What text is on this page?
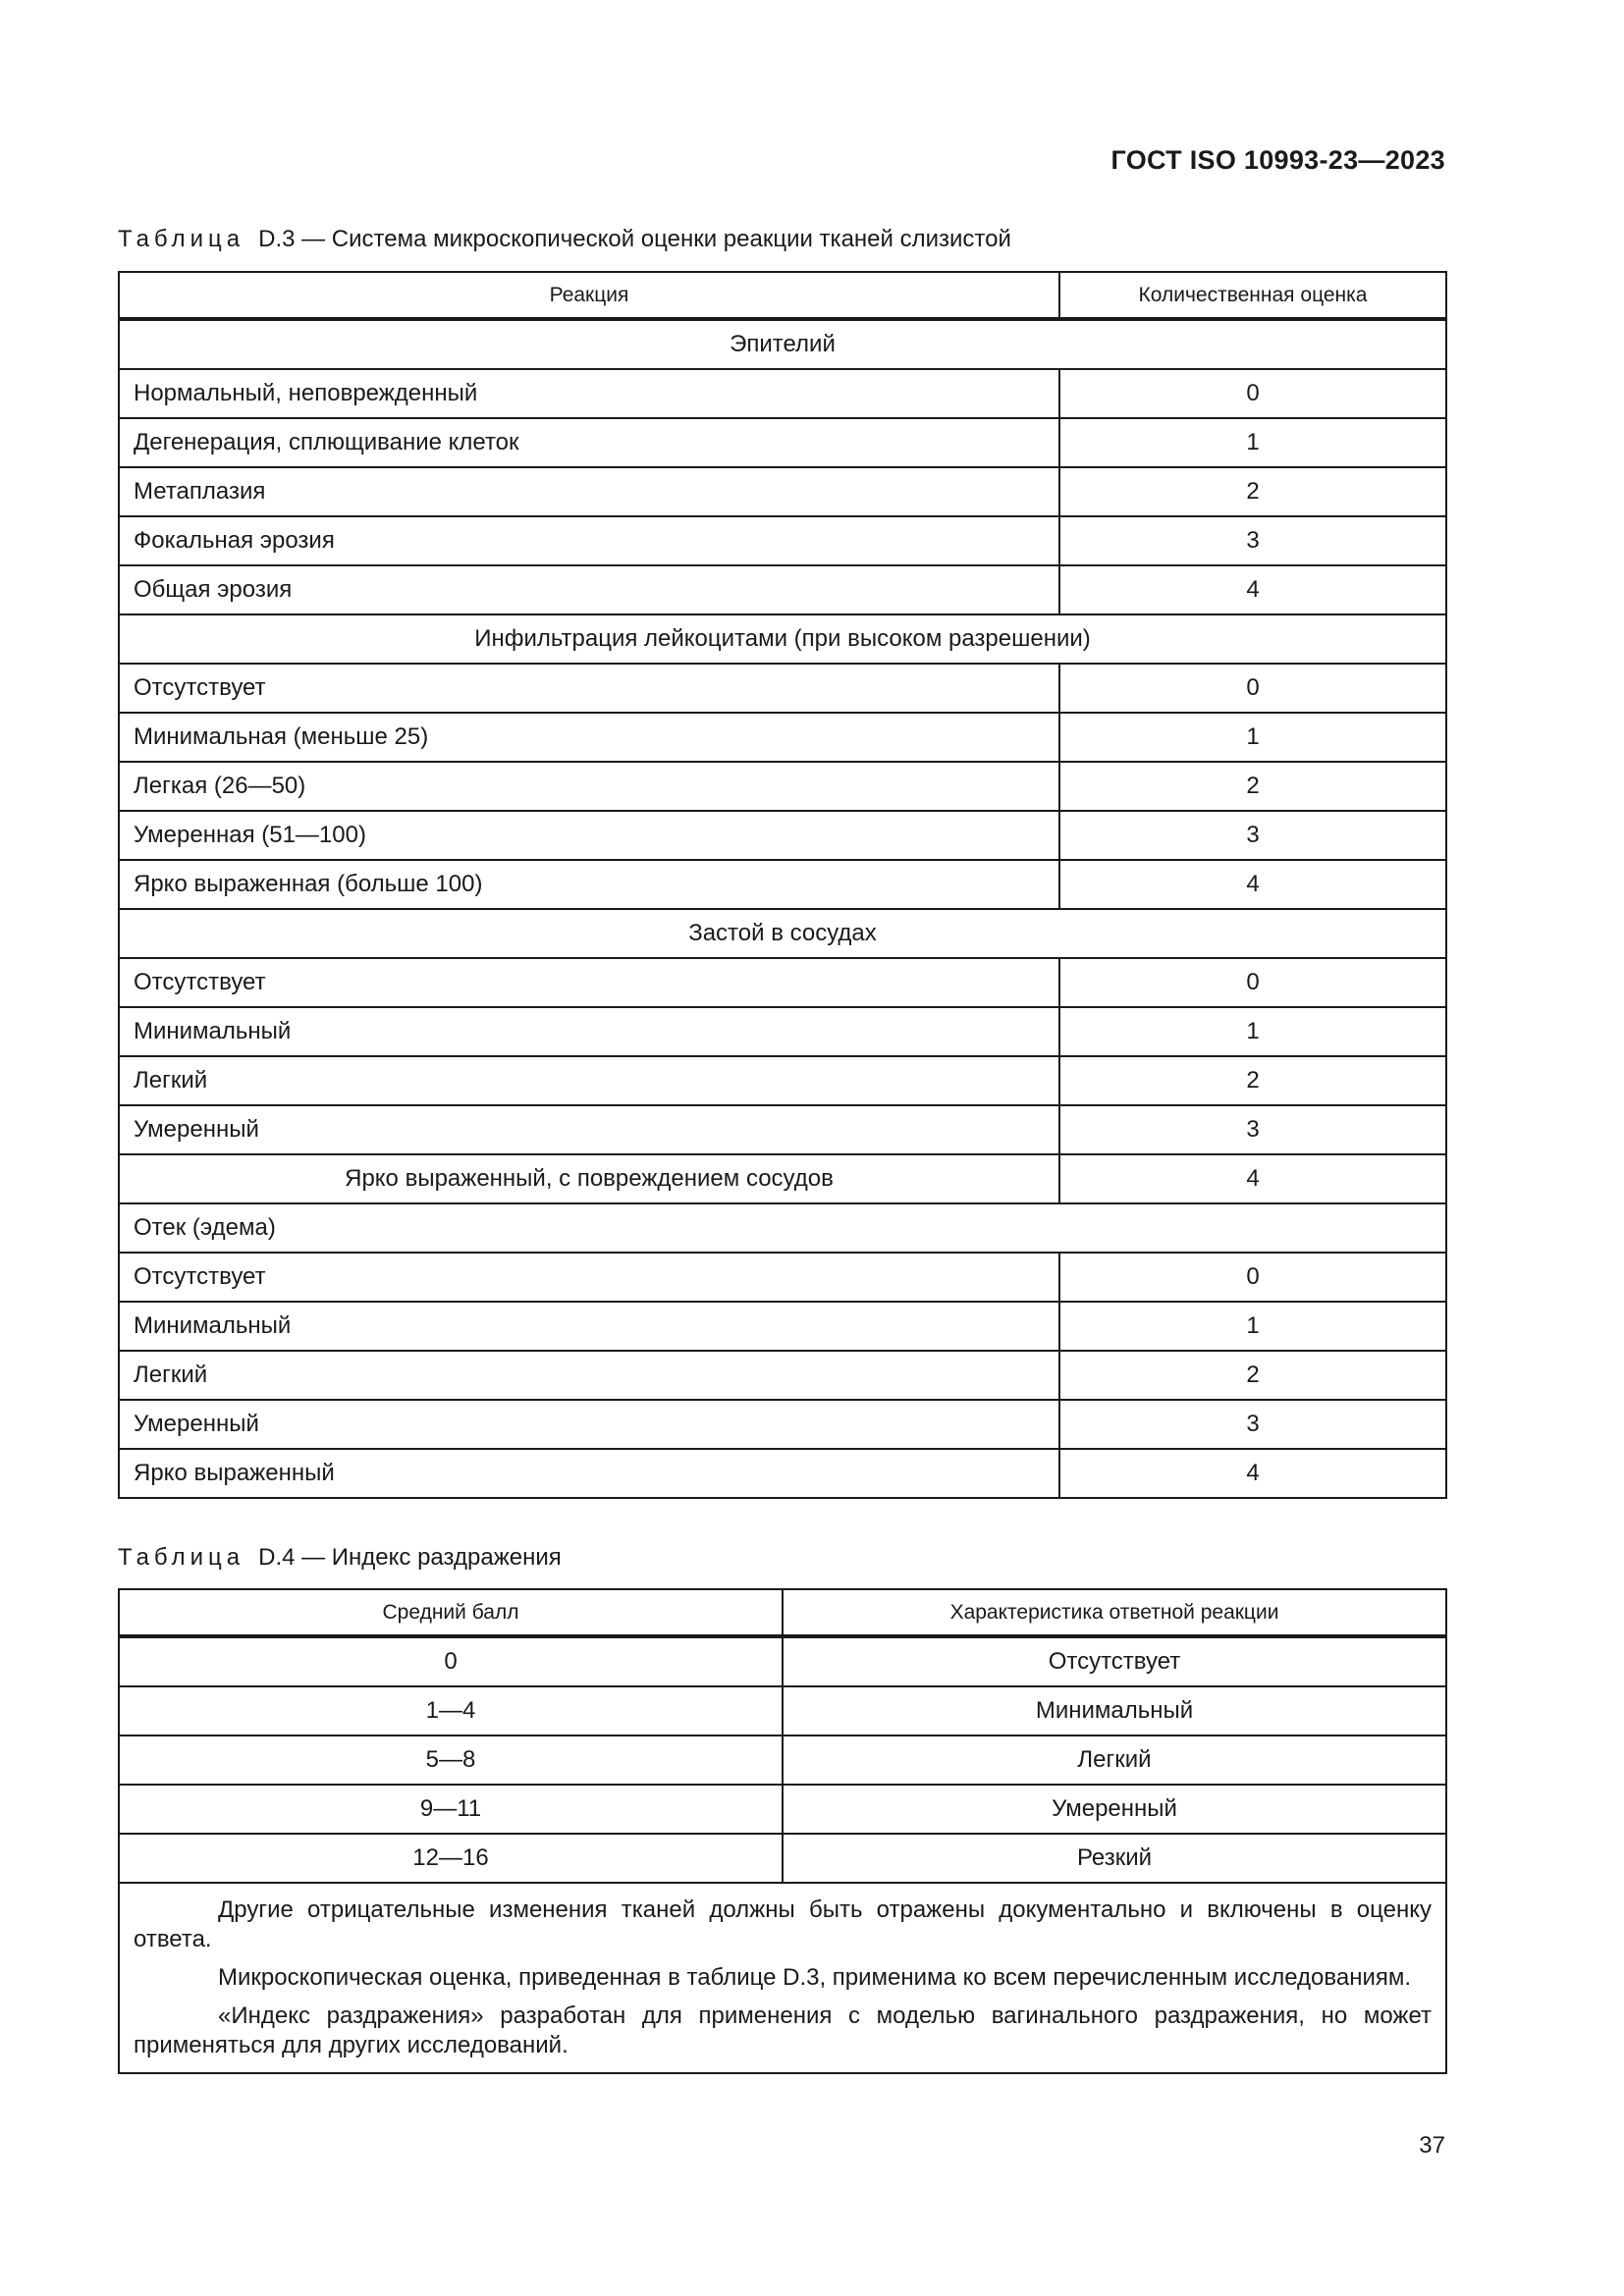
ГОСТ ISO 10993-23—2023
Таблица D.3 — Система микроскопической оценки реакции тканей слизистой
Реакция	Количественная оценка
Эпителий	
Нормальный, неповрежденный	0
Дегенерация, сплющивание клеток	1
Метаплазия	2
Фокальная эрозия	3
Общая эрозия	4
Инфильтрация лейкоцитами (при высоком разрешении)	
Отсутствует	0
Минимальная (меньше 25)	1
Легкая (26—50)	2
Умеренная (51—100)	3
Ярко выраженная (больше 100)	4
Застой в сосудах	
Отсутствует	0
Минимальный	1
Легкий	2
Умеренный	3
Ярко выраженный, с повреждением сосудов	4
Отек (эдема)	
Отсутствует	0
Минимальный	1
Легкий	2
Умеренный	3
Ярко выраженный	4
Таблица D.4 — Индекс раздражения
Средний балл	Характеристика ответной реакции
0	Отсутствует
1—4	Минимальный
5—8	Легкий
9—11	Умеренный
12—16	Резкий

Другие отрицательные изменения тканей должны быть отражены документально и включены в оценку ответа.

Микроскопическая оценка, приведенная в таблице D.3, применима ко всем перечисленным исследованиям.

«Индекс раздражения» разработан для применения с моделью вагинального раздражения, но может применяться для других исследований.	

37
